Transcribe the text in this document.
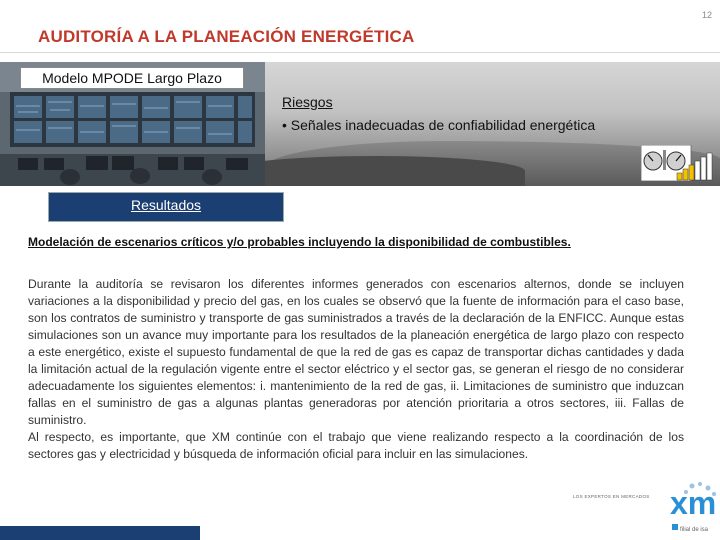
12
AUDITORÍA A LA PLANEACIÓN ENERGÉTICA
Modelo MPODE Largo Plazo
Riesgos
• Señales inadecuadas de confiabilidad energética
Resultados
Modelación de escenarios críticos y/o probables incluyendo la disponibilidad de combustibles.

Durante la auditoría se revisaron los diferentes informes generados con escenarios alternos, donde se incluyen variaciones a la disponibilidad y precio del gas, en los cuales se observó que la fuente de información para el caso base, son los contratos de suministro y transporte de gas suministrados a través de la declaración de la ENFICC. Aunque estas simulaciones son un avance muy importante para los resultados de la planeación energética de largo plazo con respecto a este energético, existe el supuesto fundamental de que la red de gas es capaz de transportar dichas cantidades y dada la limitación actual de la regulación vigente entre el sector eléctrico y el sector gas, se generan el riesgo de no considerar adecuadamente los siguientes elementos: i. mantenimiento de la red de gas, ii. Limitaciones de suministro que induzcan fallas en el suministro de gas a algunas plantas generadoras por atención prioritaria a otros sectores, iii. Fallas de suministro.

Al respecto, es importante, que XM continúe con el trabajo que viene realizando respecto a la coordinación de los sectores gas y electricidad y búsqueda de información oficial para incluir en las simulaciones.

xm
LOS EXPERTOS EN MERCADOS
filial de isa
